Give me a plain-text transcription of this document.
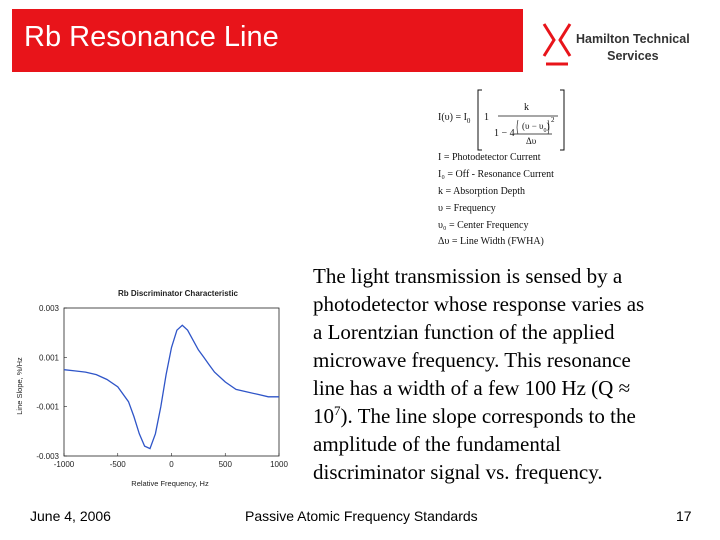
Rb Resonance Line	Hamilton Technical
Services
$I(\upsilon) = I_0$ 1
k
1 − 4
$(\upsilon - \upsilon_0)$
2
Δυ
I = Photodetector Current
I₀ = Off - Resonance Current
k = Absorption Depth
υ = Frequency
υ₀ = Center Frequency
Δυ = Line Width (FWHA)
The light transmission is sensed by a
photodetector whose response varies as
a Lorentzian function of the applied
microwave frequency. This resonance
line has a width of a few 100 Hz (Q ≈
$10^7$). The line slope corresponds to the
amplitude of the fundamental
discriminator signal vs. frequency.
Rb Discriminator Characteristic
Line Slope, %/Hz
Relative Frequency, Hz
-1000	-500	0	500	1000
0.003
0.001
-0.001
-0.003
June 4, 2006	Passive Atomic Frequency Standards	17
